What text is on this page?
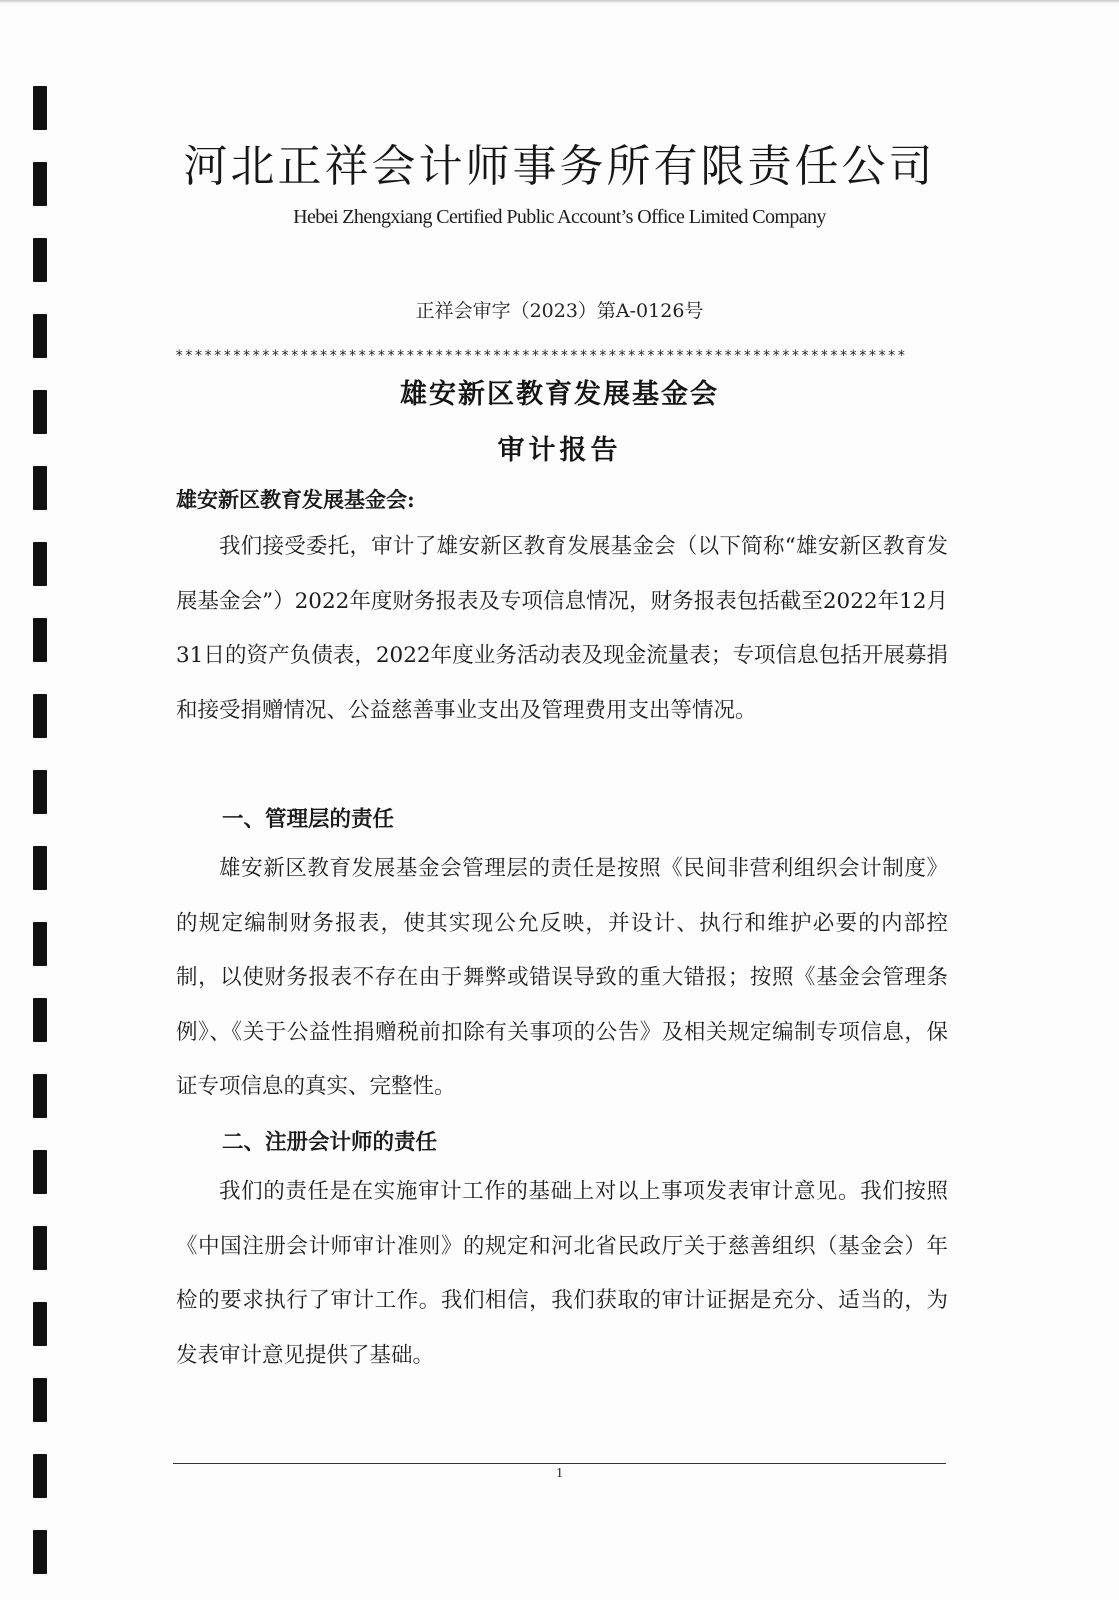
河北正祥会计师事务所有限责任公司
Hebei Zhengxiang Certified Public Account’s Office Limited Company
正祥会审字（2023）第A-0126号
****************************************************************************
雄安新区教育发展基金会
审计报告
雄安新区教育发展基金会:

我们接受委托，审计了雄安新区教育发展基金会（以下简称“雄安新区教育发展基金会”）2022年度财务报表及专项信息情况，财务报表包括截至2022年12月31日的资产负债表，2022年度业务活动表及现金流量表；专项信息包括开展募捐和接受捐赠情况、公益慈善事业支出及管理费用支出等情况。

一、管理层的责任

雄安新区教育发展基金会管理层的责任是按照《民间非营利组织会计制度》的规定编制财务报表，使其实现公允反映，并设计、执行和维护必要的内部控制，以使财务报表不存在由于舞弊或错误导致的重大错报；按照《基金会管理条例》、《关于公益性捐赠税前扣除有关事项的公告》及相关规定编制专项信息，保证专项信息的真实、完整性。

二、注册会计师的责任

我们的责任是在实施审计工作的基础上对以上事项发表审计意见。我们按照《中国注册会计师审计准则》的规定和河北省民政厅关于慈善组织（基金会）年检的要求执行了审计工作。我们相信，我们获取的审计证据是充分、适当的，为发表审计意见提供了基础。

1
